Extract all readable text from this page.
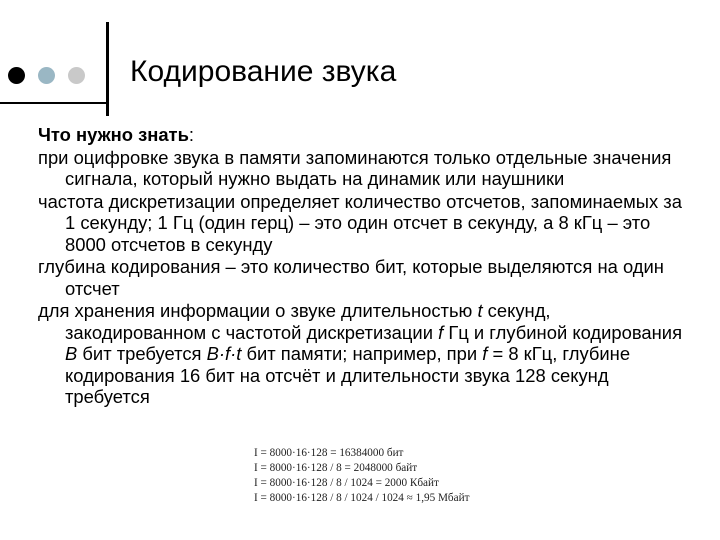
Кодирование звука

Что нужно знать:

при оцифровке звука в памяти запоминаются только отдельные значения сигнала, который нужно выдать на динамик или наушники

частота дискретизации определяет количество отсчетов, запоминаемых за 1 секунду; 1 Гц (один герц) – это один отсчет в секунду, а 8 кГц – это 8000 отсчетов в секунду

глубина кодирования – это количество бит, которые выделяются на один отсчет

для хранения информации о звуке длительностью t секунд, закодированном с частотой дискретизации f Гц и глубиной кодирования B бит требуется B·f·t бит памяти; например, при f = 8 кГц, глубине кодирования 16 бит на отсчёт и длительности звука 128 секунд требуется

I = 8000·16·128 = 16384000 бит
I = 8000·16·128 / 8 = 2048000 байт
I = 8000·16·128 / 8 / 1024 = 2000 Кбайт
I = 8000·16·128 / 8 / 1024 / 1024 ≈ 1,95 Мбайт
